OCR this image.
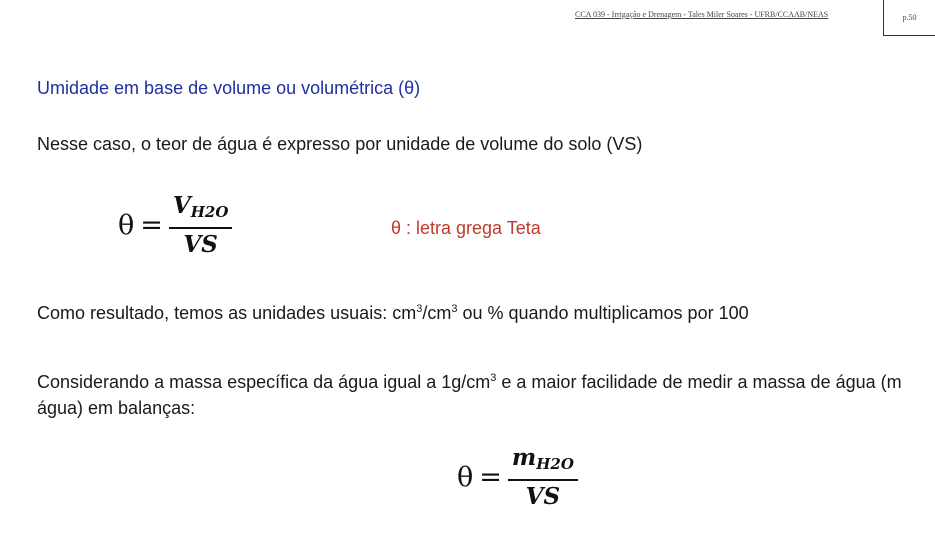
CCA 039 - Irrigação e Drenagem - Tales Miler Soares - UFRB/CCAAB/NEAS	p.50
Umidade em base de volume ou volumétrica (θ)
Nesse caso, o teor de água é expresso por unidade de volume do solo (VS)
$\theta = \frac{V_{H2O}}{VS}$	θ : letra grega Teta
Como resultado, temos as unidades usuais: $cm^3/cm^3$ ou % quando multiplicamos por 100
Considerando a massa específica da água igual a $1g/cm^3$ e a maior facilidade de medir a massa de água (m água) em balanças:
$\theta = \frac{m_{H2O}}{VS}$
